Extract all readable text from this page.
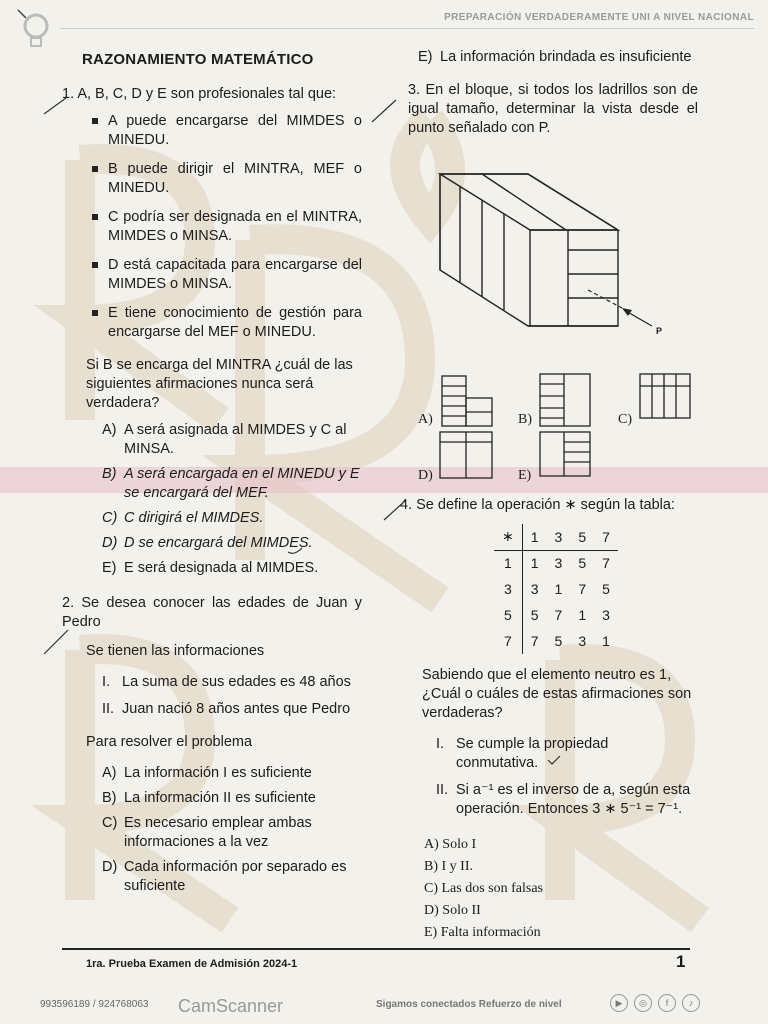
PREPARACIÓN VERDADERAMENTE UNI A NIVEL NACIONAL
RAZONAMIENTO MATEMÁTICO
1. A, B, C, D y E son profesionales tal que:
A puede encargarse del MIMDES o MINEDU.
B puede dirigir el MINTRA, MEF o MINEDU.
C podría ser designada en el MINTRA, MIMDES o MINSA.
D está capacitada para encargarse del MIMDES o MINSA.
E tiene conocimiento de gestión para encargarse del MEF o MINEDU.
Si B se encarga del MINTRA ¿cuál de las siguientes afirmaciones nunca será verdadera?
A) A será asignada al MIMDES y C al MINSA.
B) A será encargada en el MINEDU y E se encargará del MEF.
C) C dirigirá el MIMDES.
D) D se encargará del MIMDES.
E) E será designada al MIMDES.
2. Se desea conocer las edades de Juan y Pedro
Se tienen las informaciones
I. La suma de sus edades es 48 años
II. Juan nació 8 años antes que Pedro
Para resolver el problema
A) La información I es suficiente
B) La información II es suficiente
C) Es necesario emplear ambas informaciones a la vez
D) Cada información por separado es suficiente
E) La información brindada es insuficiente
3. En el bloque, si todos los ladrillos son de igual tamaño, determinar la vista desde el punto señalado con P.
P
A)	B)	C)
D)	E)
4. Se define la operación ∗ según la tabla:
∗	1	3	5	7
1	1	3	5	7
3	3	1	7	5
5	5	7	1	3
7	7	5	3	1
Sabiendo que el elemento neutro es 1, ¿Cuál o cuáles de estas afirmaciones son verdaderas?
I. Se cumple la propiedad conmutativa.
II. Si a⁻¹ es el inverso de a, según esta operación. Entonces 3 ∗ 5⁻¹ = 7⁻¹.
A) Solo I
B) I y II.
C) Las dos son falsas
D) Solo II
E) Falta información
1ra. Prueba Examen de Admisión 2024-1	1
CamScanner
993596189 / 924768063	Sigamos conectados Refuerzo de nivel	▶	◎	f	♪
